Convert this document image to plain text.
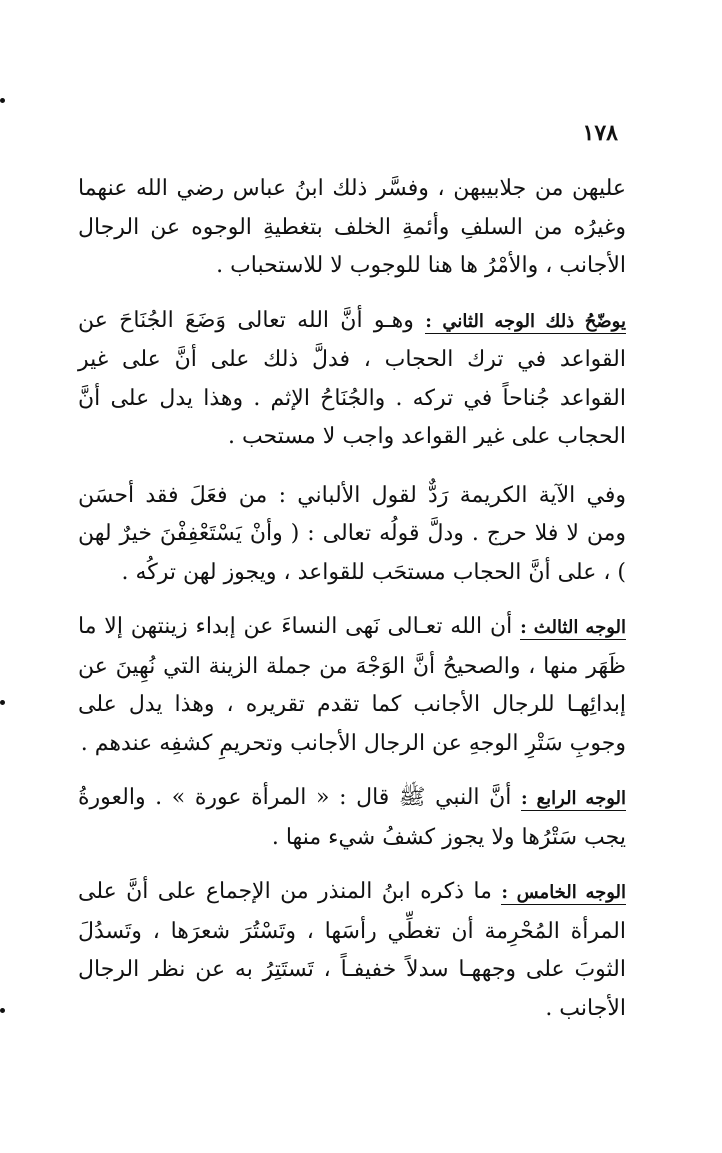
١٧٨

عليهن من جلابيبهن ، وفسَّر ذلك ابنُ عباس رضي الله عنهما وغيرُه من السلفِ وأئمةِ الخلف بتغطيةِ الوجوه عن الرجال الأجانب ، والأمْرُ ها هنا للوجوب لا للاستحباب .

يوضّحُ ذلك الوجه الثاني : وهـو أنَّ الله تعالى وَضَعَ الجُنَاحَ عن القواعد في ترك الحجاب ، فدلَّ ذلك على أنَّ على غير القواعد جُناحاً في تركه . والجُنَاحُ الإثم . وهذا يدل على أنَّ الحجاب على غير القواعد واجب لا مستحب .

وفي الآية الكريمة رَدٌّ لقول الألباني : من فعَلَ فقد أحسَن ومن لا فلا حرج . ودلَّ قولُه تعالى : ( وأنْ يَسْتَعْفِفْنَ خيرٌ لهن ) ، على أنَّ الحجاب مستحَب للقواعد ، ويجوز لهن تركُه .

الوجه الثالث : أن الله تعـالى نَهى النساءَ عن إبداء زينتهن إلا ما ظَهَر منها ، والصحيحُ أنَّ الوَجْهَ من جملة الزينة التي نُهِينَ عن إبدائِهـا للرجال الأجانب كما تقدم تقريره ، وهذا يدل على وجوبِ سَتْرِ الوجهِ عن الرجال الأجانب وتحريمِ كشفِه عندهم .

الوجه الرابع : أنَّ النبي ﷺ قال : « المرأة عورة » . والعورةُ يجب سَتْرُها ولا يجوز كشفُ شيء منها .

الوجه الخامس : ما ذكره ابنُ المنذر من الإجماع على أنَّ على المرأة المُحْرِمة أن تغطِّي رأسَها ، وتَسْتُرَ شعرَها ، وتَسدُلَ الثوبَ على وجههـا سدلاً خفيفـاً ، تَستَتِرُ به عن نظر الرجال الأجانب .
